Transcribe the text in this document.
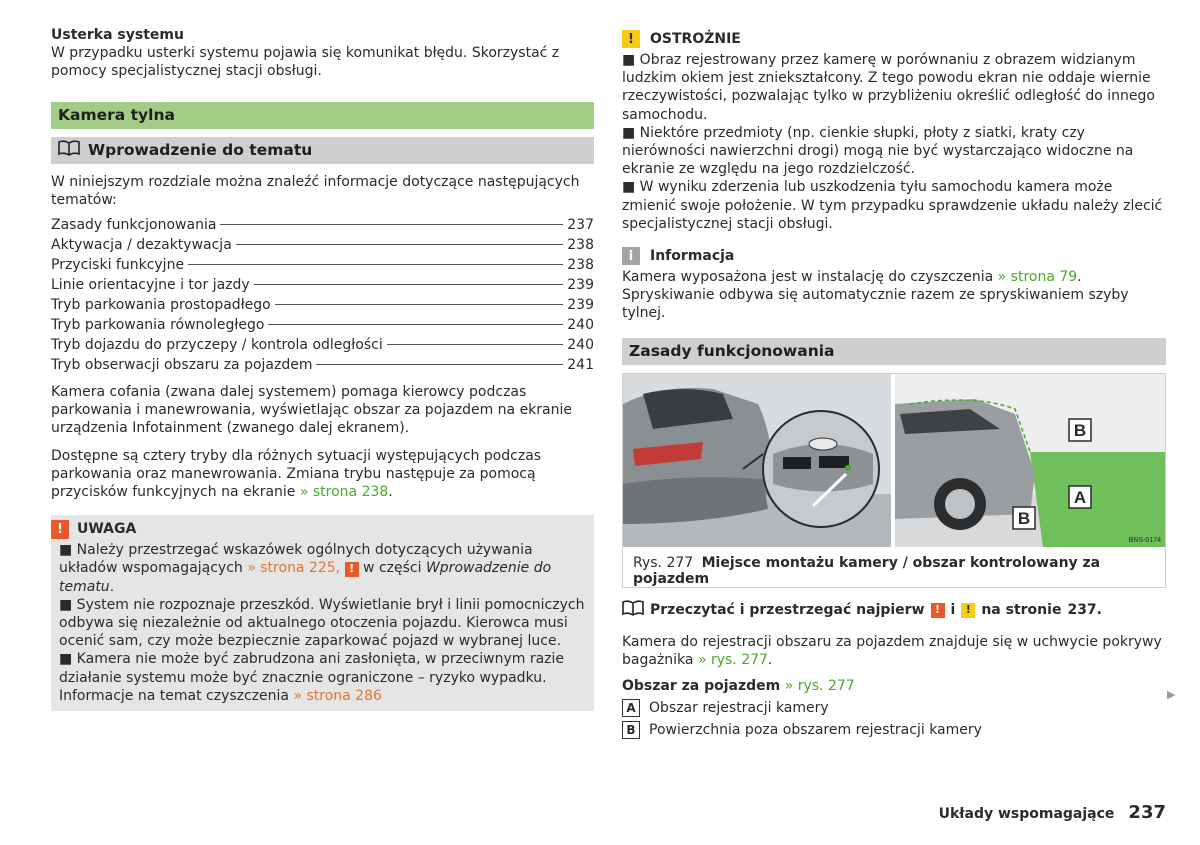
Usterka systemu

W przypadku usterki systemu pojawia się komunikat błędu. Skorzystać z pomocy specjalistycznej stacji obsługi.

Kamera tylna
Wprowadzenie do tematu

W niniejszym rozdziale można znaleźć informacje dotyczące następujących tematów:

Zasady funkcjonowania	237
Aktywacja / dezaktywacja	238
Przyciski funkcyjne	238
Linie orientacyjne i tor jazdy	239
Tryb parkowania prostopadłego	239
Tryb parkowania równoległego	240
Tryb dojazdu do przyczepy / kontrola odległości	240
Tryb obserwacji obszaru za pojazdem	241

Kamera cofania (zwana dalej systemem) pomaga kierowcy podczas parkowania i manewrowania, wyświetlając obszar za pojazdem na ekranie urządzenia Infotainment (zwanego dalej ekranem).

Dostępne są cztery tryby dla różnych sytuacji występujących podczas parkowania oraz manewrowania. Zmiana trybu następuje za pomocą przycisków funkcyjnych na ekranie » strona 238.

!	UWAGA

■ Należy przestrzegać wskazówek ogólnych dotyczących używania układów wspomagających » strona 225, ! w części Wprowadzenie do tematu.

■ System nie rozpoznaje przeszkód. Wyświetlanie brył i linii pomocniczych odbywa się niezależnie od aktualnego otoczenia pojazdu. Kierowca musi ocenić sam, czy może bezpiecznie zaparkować pojazd w wybranej luce.

■ Kamera nie może być zabrudzona ani zasłonięta, w przeciwnym razie działanie systemu może być znacznie ograniczone – ryzyko wypadku. Informacje na temat czyszczenia » strona 286

!	OSTROŻNIE

■ Obraz rejestrowany przez kamerę w porównaniu z obrazem widzianym ludzkim okiem jest zniekształcony. Z tego powodu ekran nie oddaje wiernie rzeczywistości, pozwalając tylko w przybliżeniu określić odległość do innego samochodu.

■ Niektóre przedmioty (np. cienkie słupki, płoty z siatki, kraty czy nierówności nawierzchni drogi) mogą nie być wystarczająco widoczne na ekranie ze względu na jego rozdzielczość.

■ W wyniku zderzenia lub uszkodzenia tyłu samochodu kamera może zmienić swoje położenie. W tym przypadku sprawdzenie układu należy zlecić specjalistycznej stacji obsługi.

i	Informacja

Kamera wyposażona jest w instalację do czyszczenia » strona 79. Spryskiwanie odbywa się automatycznie razem ze spryskiwaniem szyby tylnej.

Zasady funkcjonowania
B
A
B
BNS-0174
Rys. 277 Miejsce montażu kamery / obszar kontrolowany za pojazdem

Przeczytać i przestrzegać najpierw ! i ! na stronie 237.

Kamera do rejestracji obszaru za pojazdem znajduje się w uchwycie pokrywy bagażnika » rys. 277.

Obszar za pojazdem » rys. 277

A Obszar rejestracji kamery
B Powierzchnia poza obszarem rejestracji kamery
▶
Układy wspomagające 237
